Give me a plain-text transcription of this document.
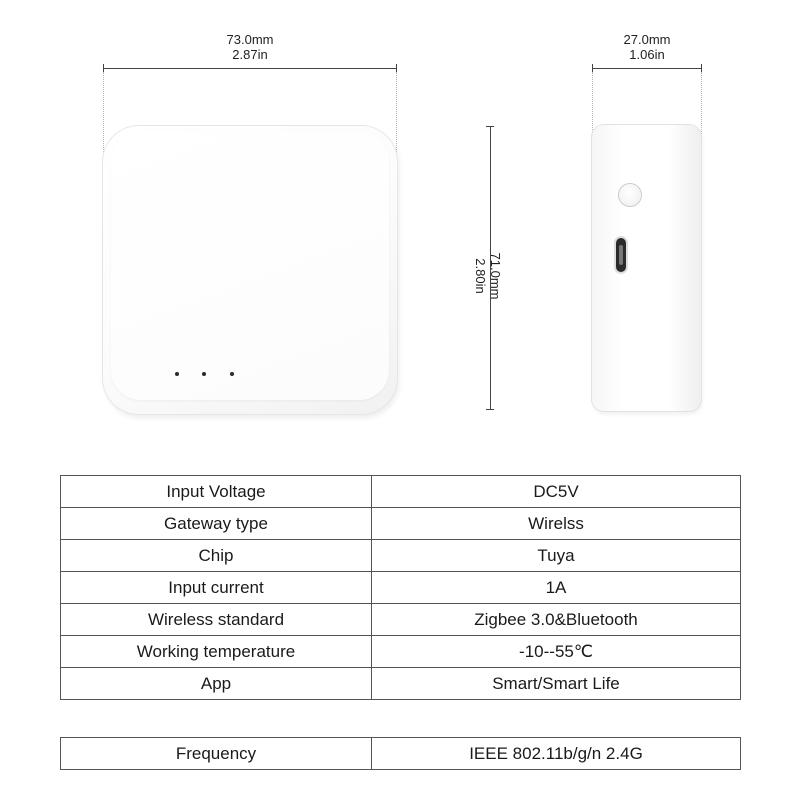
73.0mm
2.87in
27.0mm
1.06in
71.0mm
2.80in
Input Voltage	DC5V
Gateway type	Wirelss
Chip	Tuya
Input current	1A
Wireless standard	Zigbee 3.0&Bluetooth
Working temperature	-10--55℃
App	Smart/Smart Life
Frequency	IEEE 802.11b/g/n 2.4G
